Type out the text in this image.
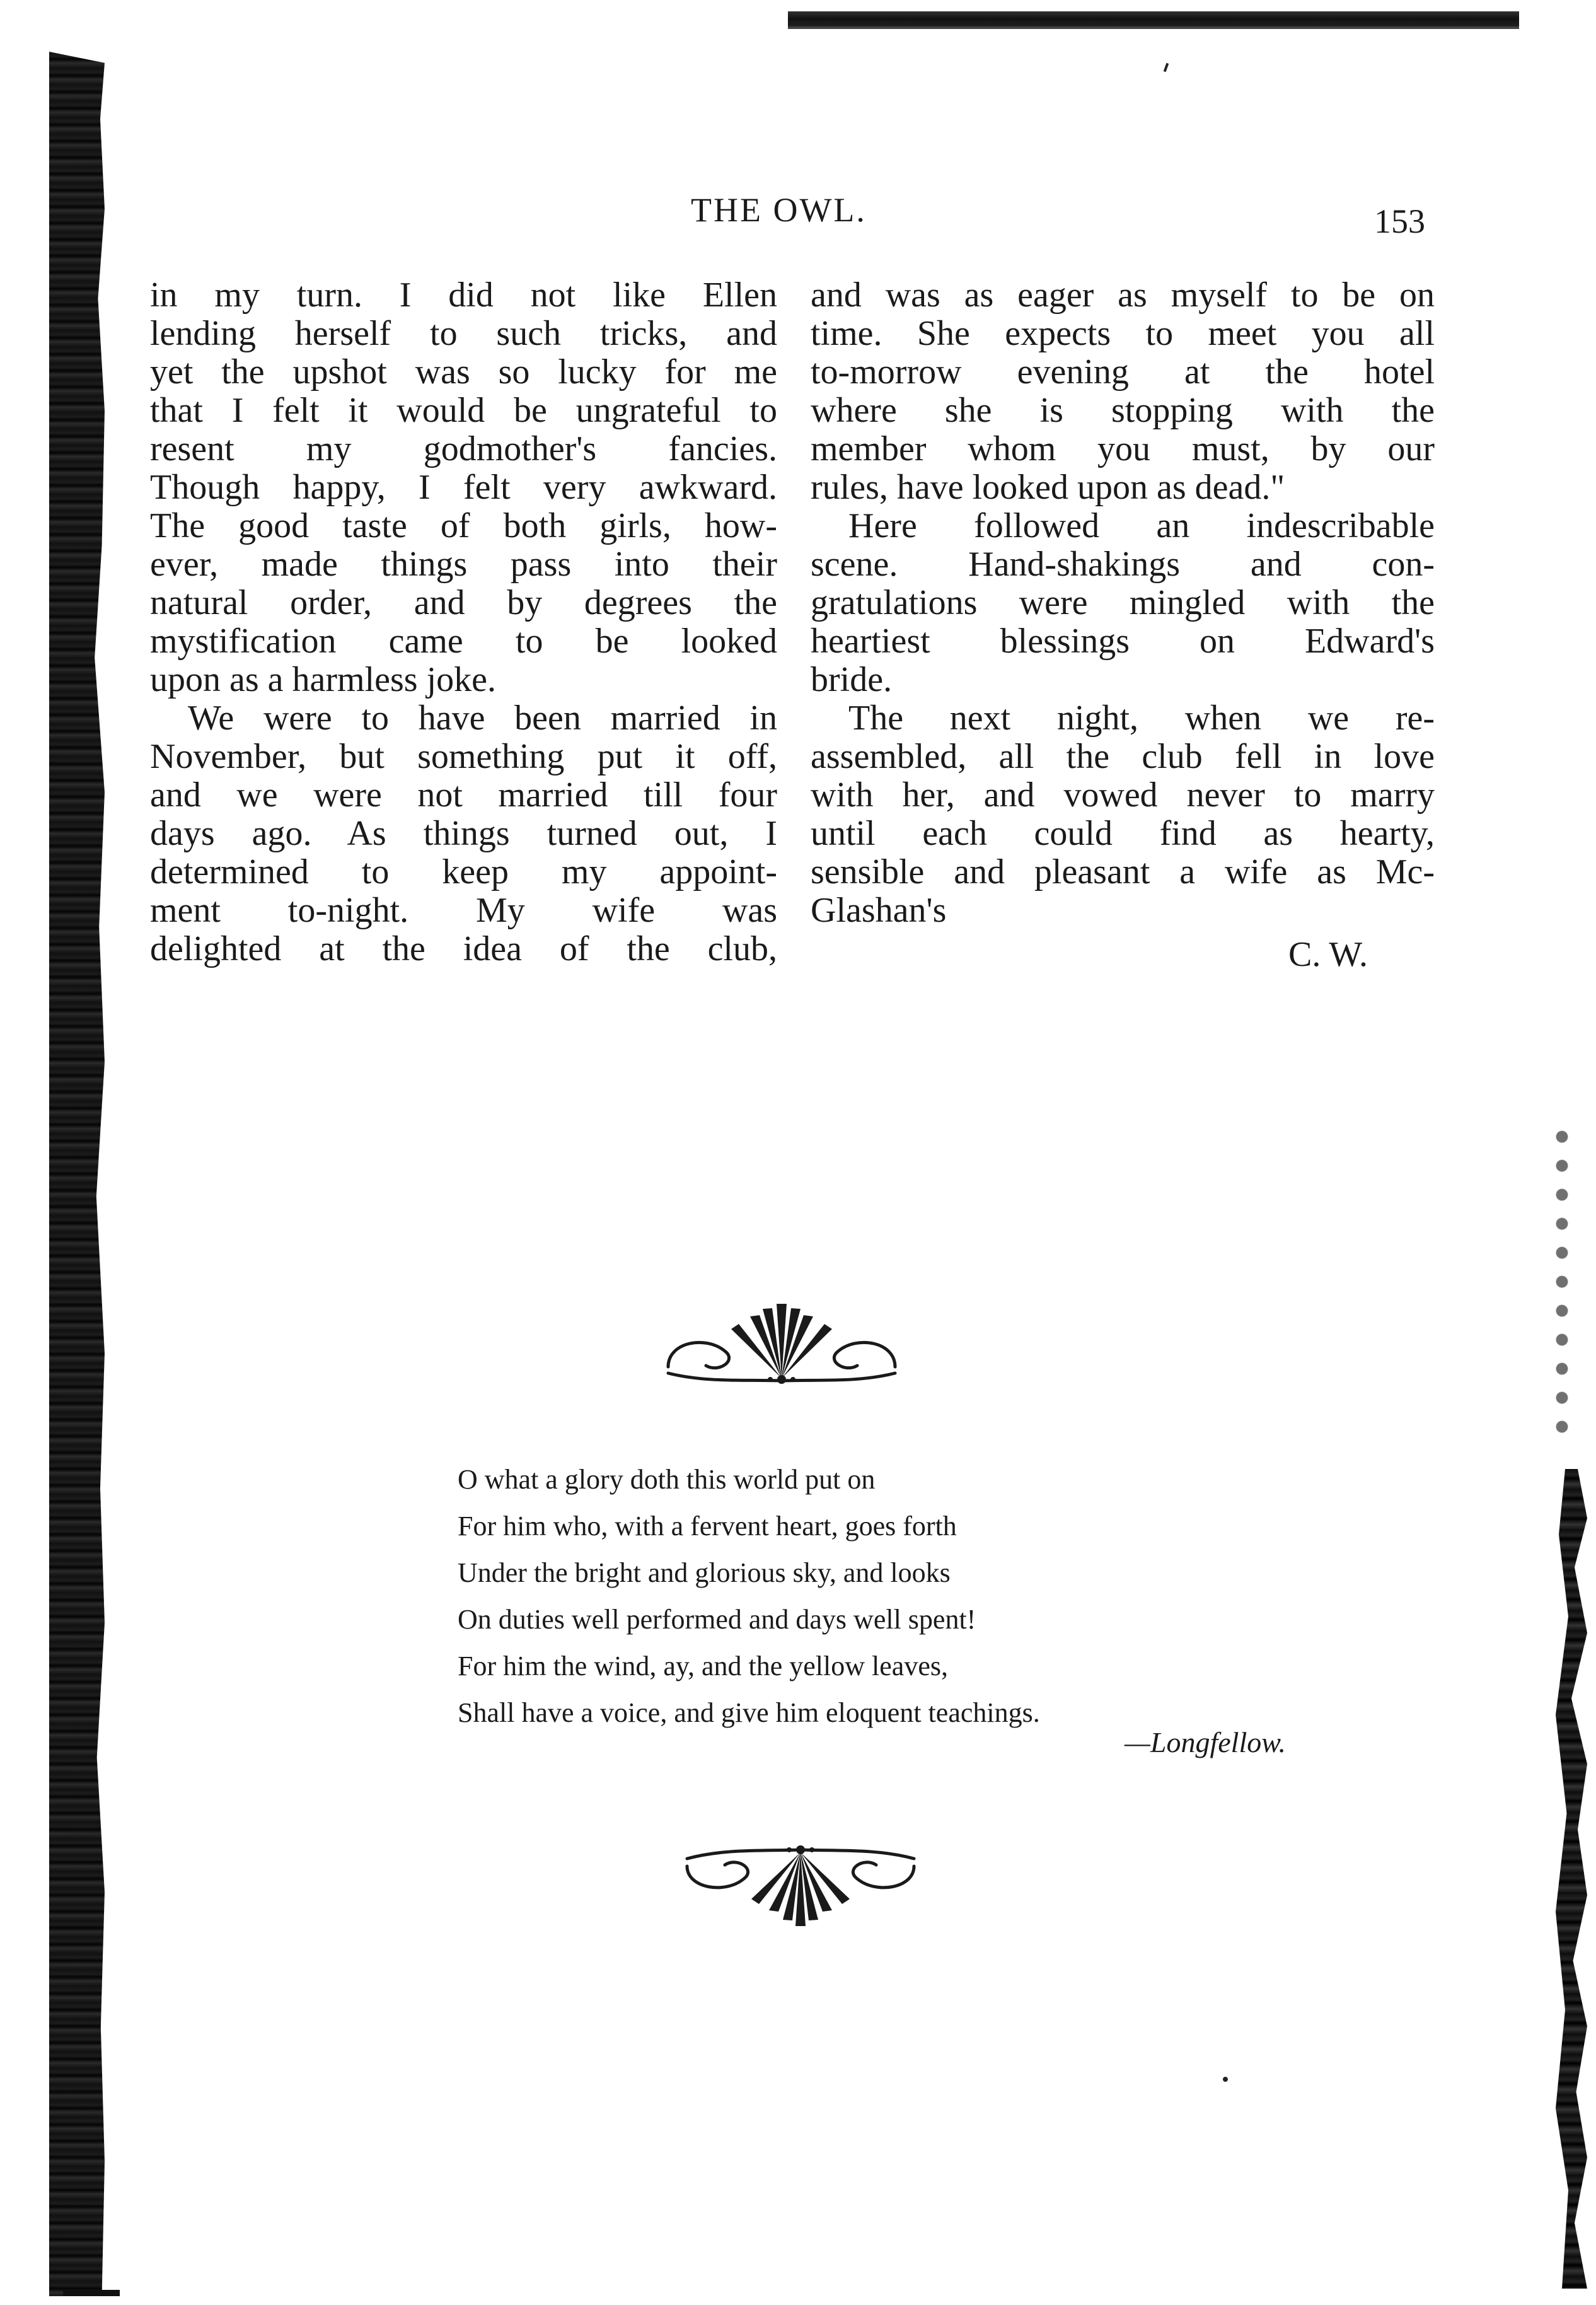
THE OWL.	153
in my turn. I did not like Ellen
lending herself to such tricks, and
yet the upshot was so lucky for me
that I felt it would be ungrateful to
resent my godmother's fancies.
Though happy, I felt very awkward.
The good taste of both girls, how-
ever, made things pass into their
natural order, and by degrees the
mystification came to be looked
upon as a harmless joke.
We were to have been married in
November, but something put it off,
and we were not married till four
days ago. As things turned out, I
determined to keep my appoint-
ment to-night. My wife was
delighted at the idea of the club,
and was as eager as myself to be on
time. She expects to meet you all
to-morrow evening at the hotel
where she is stopping with the
member whom you must, by our
rules, have looked upon as dead."
Here followed an indescribable
scene. Hand-shakings and con-
gratulations were mingled with the
heartiest blessings on Edward's
bride.
The next night, when we re-
assembled, all the club fell in love
with her, and vowed never to marry
until each could find as hearty,
sensible and pleasant a wife as Mc-
Glashan's
C. W.
O what a glory doth this world put on
For him who, with a fervent heart, goes forth
Under the bright and glorious sky, and looks
On duties well performed and days well spent!
For him the wind, ay, and the yellow leaves,
Shall have a voice, and give him eloquent teachings.
—Longfellow.
